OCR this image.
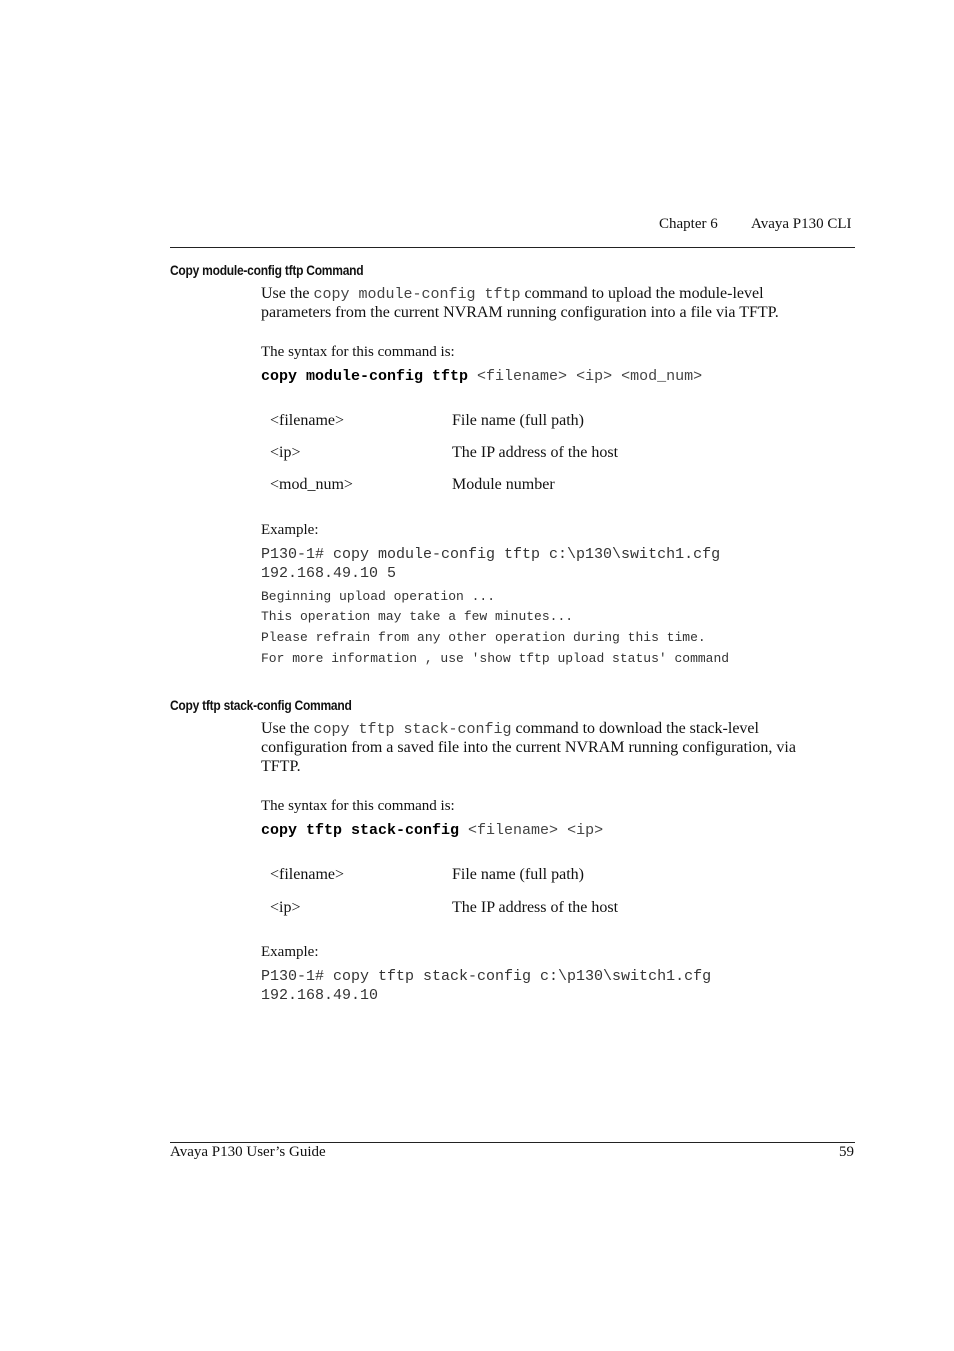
Chapter 6 Avaya P130 CLI
Copy module-config tftp Command
Use the copy module-config tftp command to upload the module-level
parameters from the current NVRAM running configuration into a file via TFTP.
The syntax for this command is:
copy module-config tftp <filename> <ip> <mod_num>
<filename>	File name (full path)
<ip>	The IP address of the host
<mod_num>	Module number
Example:
P130-1# copy module-config tftp c:\p130\switch1.cfg
192.168.49.10 5
Beginning upload operation ...
This operation may take a few minutes...
Please refrain from any other operation during this time.
For more information , use 'show tftp upload status' command
Copy tftp stack-config Command
Use the copy tftp stack-config command to download the stack-level
configuration from a saved file into the current NVRAM running configuration, via
TFTP.
The syntax for this command is:
copy tftp stack-config <filename> <ip>
<filename>	File name (full path)
<ip>	The IP address of the host
Example:
P130-1# copy tftp stack-config c:\p130\switch1.cfg
192.168.49.10
Avaya P130 User’s Guide	59
